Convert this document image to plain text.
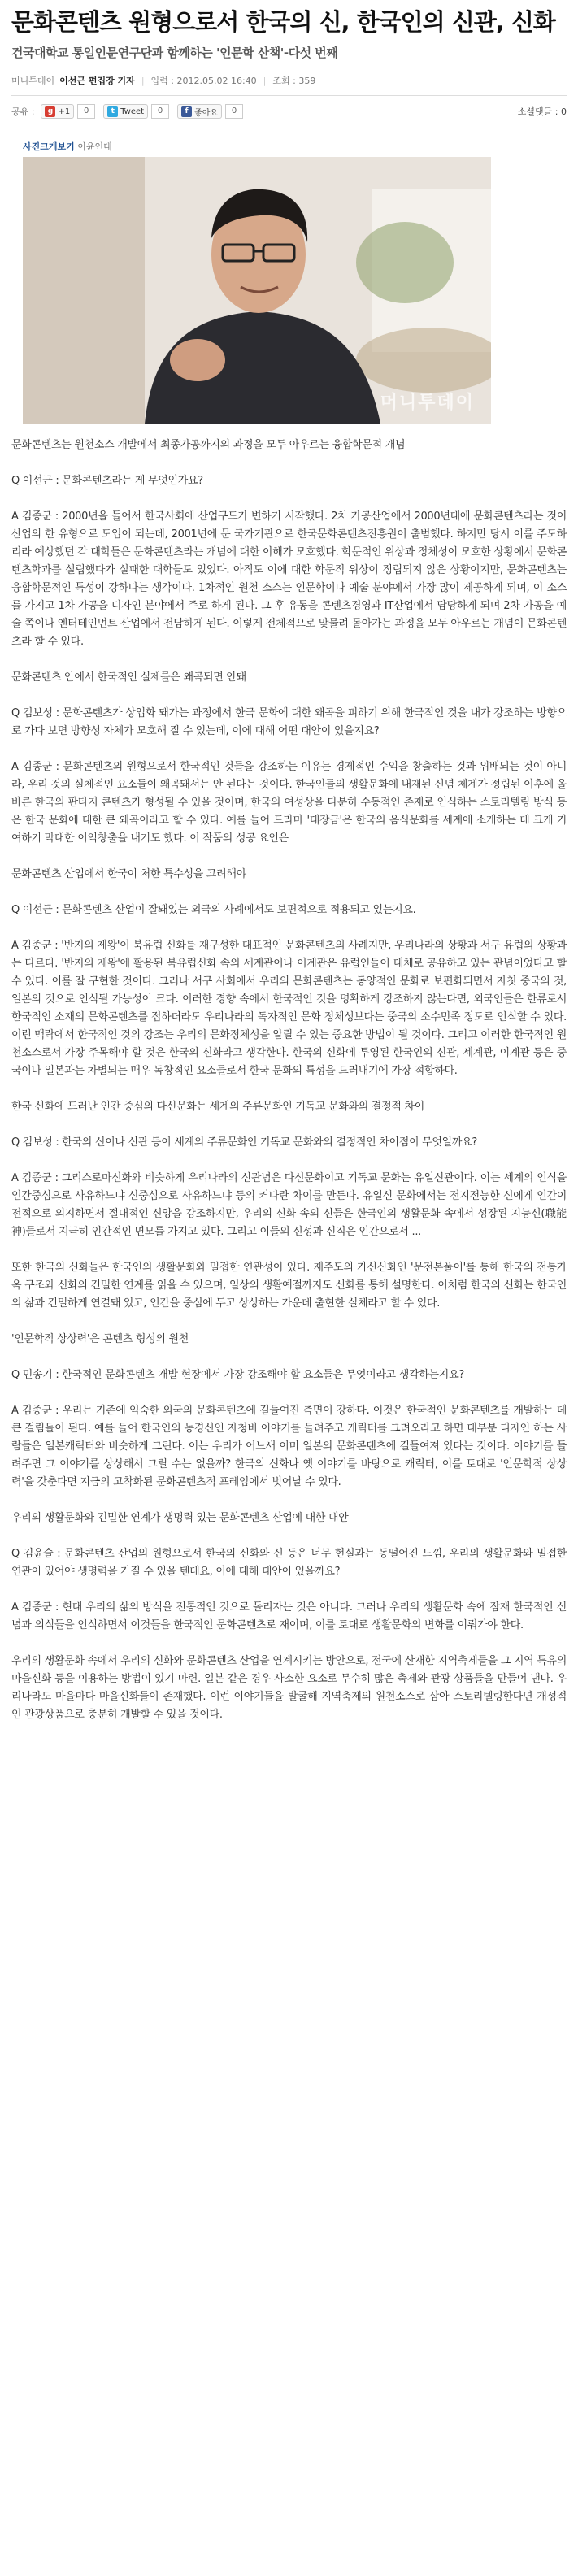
문화콘텐츠 원형으로서 한국의 신, 한국인의 신관, 신화
건국대학교 통일인문연구단과 함께하는 '인문학 산책'-다섯 번째
머니투데이 이선근 편집장 기자 | 입력 : 2012.05.02 16:40 | 조회 : 359
공유 :	g +1	0	t Tweet	0	f 좋아요	0	소셜댓글 : 0
사진크게보기 이윤인대
머니투데이

문화콘텐츠는 원천소스 개발에서 최종가공까지의 과정을 모두 아우르는 융합학문적 개념

Q 이선근 : 문화콘텐츠라는 게 무엇인가요?

A 김종군 : 2000년을 들어서 한국사회에 산업구도가 변하기 시작했다. 2차 가공산업에서 2000년대에 문화콘텐츠라는 것이 산업의 한 유형으로 도입이 되는데, 2001년에 문 국가기관으로 한국문화콘텐츠진흥원이 출범했다. 하지만 당시 이를 주도하리라 예상했던 각 대학들은 문화콘텐츠라는 개념에 대한 이해가 모호했다. 학문적인 위상과 정체성이 모호한 상황에서 문화콘텐츠학과를 설립했다가 실패한 대학들도 있었다. 아직도 이에 대한 학문적 위상이 정립되지 않은 상황이지만, 문화콘텐츠는 융합학문적인 특성이 강하다는 생각이다. 1차적인 원천 소스는 인문학이나 예술 분야에서 가장 많이 제공하게 되며, 이 소스를 가지고 1차 가공을 디자인 분야에서 주로 하게 된다. 그 후 유통을 콘텐츠경영과 IT산업에서 담당하게 되며 2차 가공을 예술 쪽이나 엔터테인먼트 산업에서 전담하게 된다. 이렇게 전체적으로 맞물려 돌아가는 과정을 모두 아우르는 개념이 문화콘텐츠라 할 수 있다.

문화콘텐츠 안에서 한국적인 실제를은 왜곡되면 안돼

Q 김보성 : 문화콘텐츠가 상업화 돼가는 과정에서 한국 문화에 대한 왜곡을 피하기 위해 한국적인 것을 내가 강조하는 방향으로 가다 보면 방향성 자체가 모호해 질 수 있는데, 이에 대해 어떤 대안이 있을지요?

A 김종군 : 문화콘텐츠의 원형으로서 한국적인 것들을 강조하는 이유는 경제적인 수익을 창출하는 것과 위배되는 것이 아니라, 우리 것의 실체적인 요소들이 왜곡돼서는 안 된다는 것이다. 한국인들의 생활문화에 내재된 신념 체계가 정립된 이후에 올바른 한국의 판타지 콘텐츠가 형성될 수 있을 것이며, 한국의 여성상을 다분히 수동적인 존재로 인식하는 스토리텔링 방식 등은 한국 문화에 대한 큰 왜곡이라고 할 수 있다. 예를 들어 드라마 '대장금'은 한국의 음식문화를 세계에 소개하는 데 크게 기여하기 막대한 이익창출을 내기도 했다. 이 작품의 성공 요인은

문화콘텐츠 산업에서 한국이 처한 특수성을 고려해야

Q 이선근 : 문화콘텐츠 산업이 잘돼있는 외국의 사례에서도 보편적으로 적용되고 있는지요.

A 김종군 : '반지의 제왕'이 북유럽 신화를 재구성한 대표적인 문화콘텐츠의 사례지만, 우리나라의 상황과 서구 유럽의 상황과는 다르다. '반지의 제왕'에 활용된 북유럽신화 속의 세계관이나 이계관은 유럽인들이 대체로 공유하고 있는 관념이었다고 할 수 있다. 이를 잘 구현한 것이다. 그러나 서구 사회에서 우리의 문화콘텐츠는 동양적인 문화로 보편화되면서 자칫 중국의 것, 일본의 것으로 인식될 가능성이 크다. 이러한 경향 속에서 한국적인 것을 명확하게 강조하지 않는다면, 외국인들은 한류로서 한국적인 소재의 문화콘텐츠를 접하더라도 우리나라의 독자적인 문화 정체성보다는 중국의 소수민족 정도로 인식할 수 있다. 이런 맥락에서 한국적인 것의 강조는 우리의 문화정체성을 알릴 수 있는 중요한 방법이 될 것이다. 그리고 이러한 한국적인 원천소스로서 가장 주목해야 할 것은 한국의 신화라고 생각한다. 한국의 신화에 투영된 한국인의 신관, 세계관, 이계관 등은 중국이나 일본과는 차별되는 매우 독창적인 요소들로서 한국 문화의 특성을 드러내기에 가장 적합하다.

한국 신화에 드러난 인간 중심의 다신문화는 세계의 주류문화인 기독교 문화와의 결정적 차이

Q 김보성 : 한국의 신이나 신관 등이 세계의 주류문화인 기독교 문화와의 결정적인 차이점이 무엇일까요?

A 김종군 : 그리스로마신화와 비슷하게 우리나라의 신관념은 다신문화이고 기독교 문화는 유일신관이다. 이는 세계의 인식을 인간중심으로 사유하느냐 신중심으로 사유하느냐 등의 커다란 차이를 만든다. 유일신 문화에서는 전지전능한 신에게 인간이 전적으로 의지하면서 절대적인 신앙을 강조하지만, 우리의 신화 속의 신들은 한국인의 생활문화 속에서 성장된 지능신(職能神)들로서 지극히 인간적인 면모를 가지고 있다. 그리고 이들의 신성과 신직은 인간으로서 ...

또한 한국의 신화들은 한국인의 생활문화와 밀접한 연관성이 있다. 제주도의 가신신화인 '문전본풀이'를 통해 한국의 전통가옥 구조와 신화의 긴밀한 연계를 읽을 수 있으며, 일상의 생활예절까지도 신화를 통해 설명한다. 이처럼 한국의 신화는 한국인의 삶과 긴밀하게 연결돼 있고, 인간을 중심에 두고 상상하는 가운데 출현한 실체라고 할 수 있다.

'인문학적 상상력'은 콘텐츠 형성의 원천

Q 민송기 : 한국적인 문화콘텐츠 개발 현장에서 가장 강조해야 할 요소들은 무엇이라고 생각하는지요?

A 김종군 : 우리는 기존에 익숙한 외국의 문화콘텐츠에 길들여진 측면이 강하다. 이것은 한국적인 문화콘텐츠를 개발하는 데 큰 걸림돌이 된다. 예를 들어 한국인의 농경신인 자청비 이야기를 들려주고 캐릭터를 그려오라고 하면 대부분 디자인 하는 사람들은 일본캐릭터와 비슷하게 그린다. 이는 우리가 어느새 이미 일본의 문화콘텐츠에 길들여져 있다는 것이다. 이야기를 들려주면 그 이야기를 상상해서 그릴 수는 없을까? 한국의 신화나 옛 이야기를 바탕으로 캐릭터, 이를 토대로 '인문학적 상상력'을 갖춘다면 지금의 고착화된 문화콘텐츠적 프레임에서 벗어날 수 있다.

우리의 생활문화와 긴밀한 연계가 생명력 있는 문화콘텐츠 산업에 대한 대안

Q 김윤슬 : 문화콘텐츠 산업의 원형으로서 한국의 신화와 신 등은 너무 현실과는 동떨어진 느낌, 우리의 생활문화와 밀접한 연관이 있어야 생명력을 가질 수 있을 텐데요, 이에 대해 대안이 있을까요?

A 김종군 : 현대 우리의 삶의 방식을 전통적인 것으로 돌리자는 것은 아니다. 그러나 우리의 생활문화 속에 잠재 한국적인 신념과 의식들을 인식하면서 이것들을 한국적인 문화콘텐츠로 재이며, 이를 토대로 생활문화의 변화를 이뤄가야 한다.

우리의 생활문화 속에서 우리의 신화와 문화콘텐츠 산업을 연계시키는 방안으로, 전국에 산재한 지역축제들을 그 지역 특유의 마을신화 등을 이용하는 방법이 있기 마련. 일본 같은 경우 사소한 요소로 무수히 많은 축제와 관광 상품들을 만들어 낸다. 우리나라도 마을마다 마을신화들이 존재했다. 이런 이야기들을 발굴해 지역축제의 원천소스로 삼아 스토리텔링한다면 개성적인 관광상품으로 충분히 개발할 수 있을 것이다.
